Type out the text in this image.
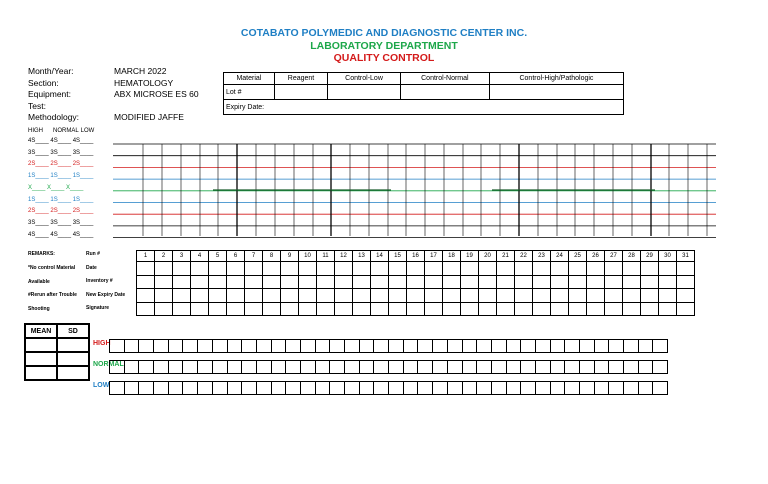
COTABATO POLYMEDIC AND DIAGNOSTIC CENTER INC.
LABORATORY DEPARTMENT
QUALITY CONTROL
Month/Year:	MARCH 2022
Section:	HEMATOLOGY
Equipment:	ABX MICROSE ES 60
Test:
Methodology:	MODIFIED JAFFE
Material	Reagent	Control-Low	Control-Normal	Control-High/Pathologic
Lot #				
Expiry Date:				
HIGH NORMAL LOW
4S____ 4S____ 4S____
3S____ 3S____ 3S____
2S____ 2S____ 2S____
1S____ 1S____ 1S____
X____ X____ X____
1S____ 1S____ 1S____
2S____ 2S____ 2S____
3S____ 3S____ 3S____
4S____ 4S____ 4S____
REMARKS:
*No control Material
Available
#Rerun after Trouble
Shooting
Run #
Date
Inventory #
New Expiry Date
Signature
1	2	3	4	5	6	7	8	9	10	11	12	13	14	15	16	17	18	19	20	21	22	23	24	25	26	27	28	29	30	31

MEAN	SD

HIGH
NORMAL
LOW
